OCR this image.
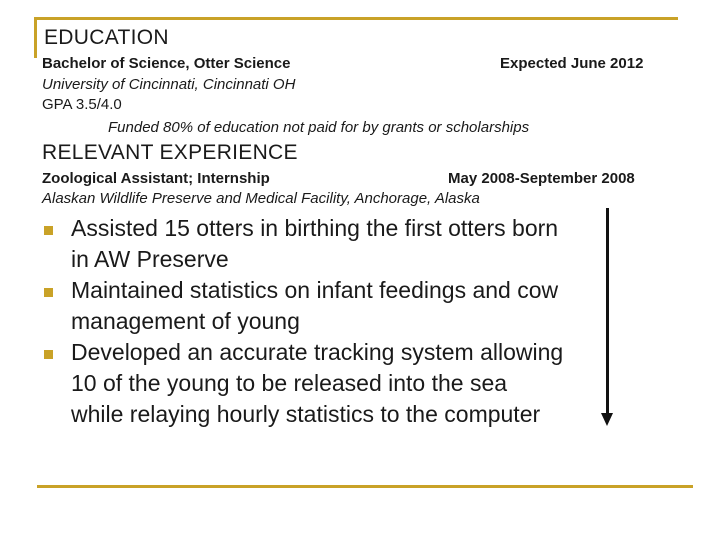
EDUCATION
Bachelor of Science, Otter Science	Expected June 2012
University of Cincinnati, Cincinnati OH
GPA 3.5/4.0
Funded 80% of education not paid for by grants or scholarships
RELEVANT EXPERIENCE
Zoological Assistant; Internship	May 2008-September 2008
Alaskan Wildlife Preserve and Medical Facility, Anchorage, Alaska
Assisted 15 otters in birthing the first otters born in AW Preserve
Maintained statistics on infant feedings and cow management of young
Developed an accurate tracking system allowing 10 of the young to be released into the sea while relaying hourly statistics to the computer
